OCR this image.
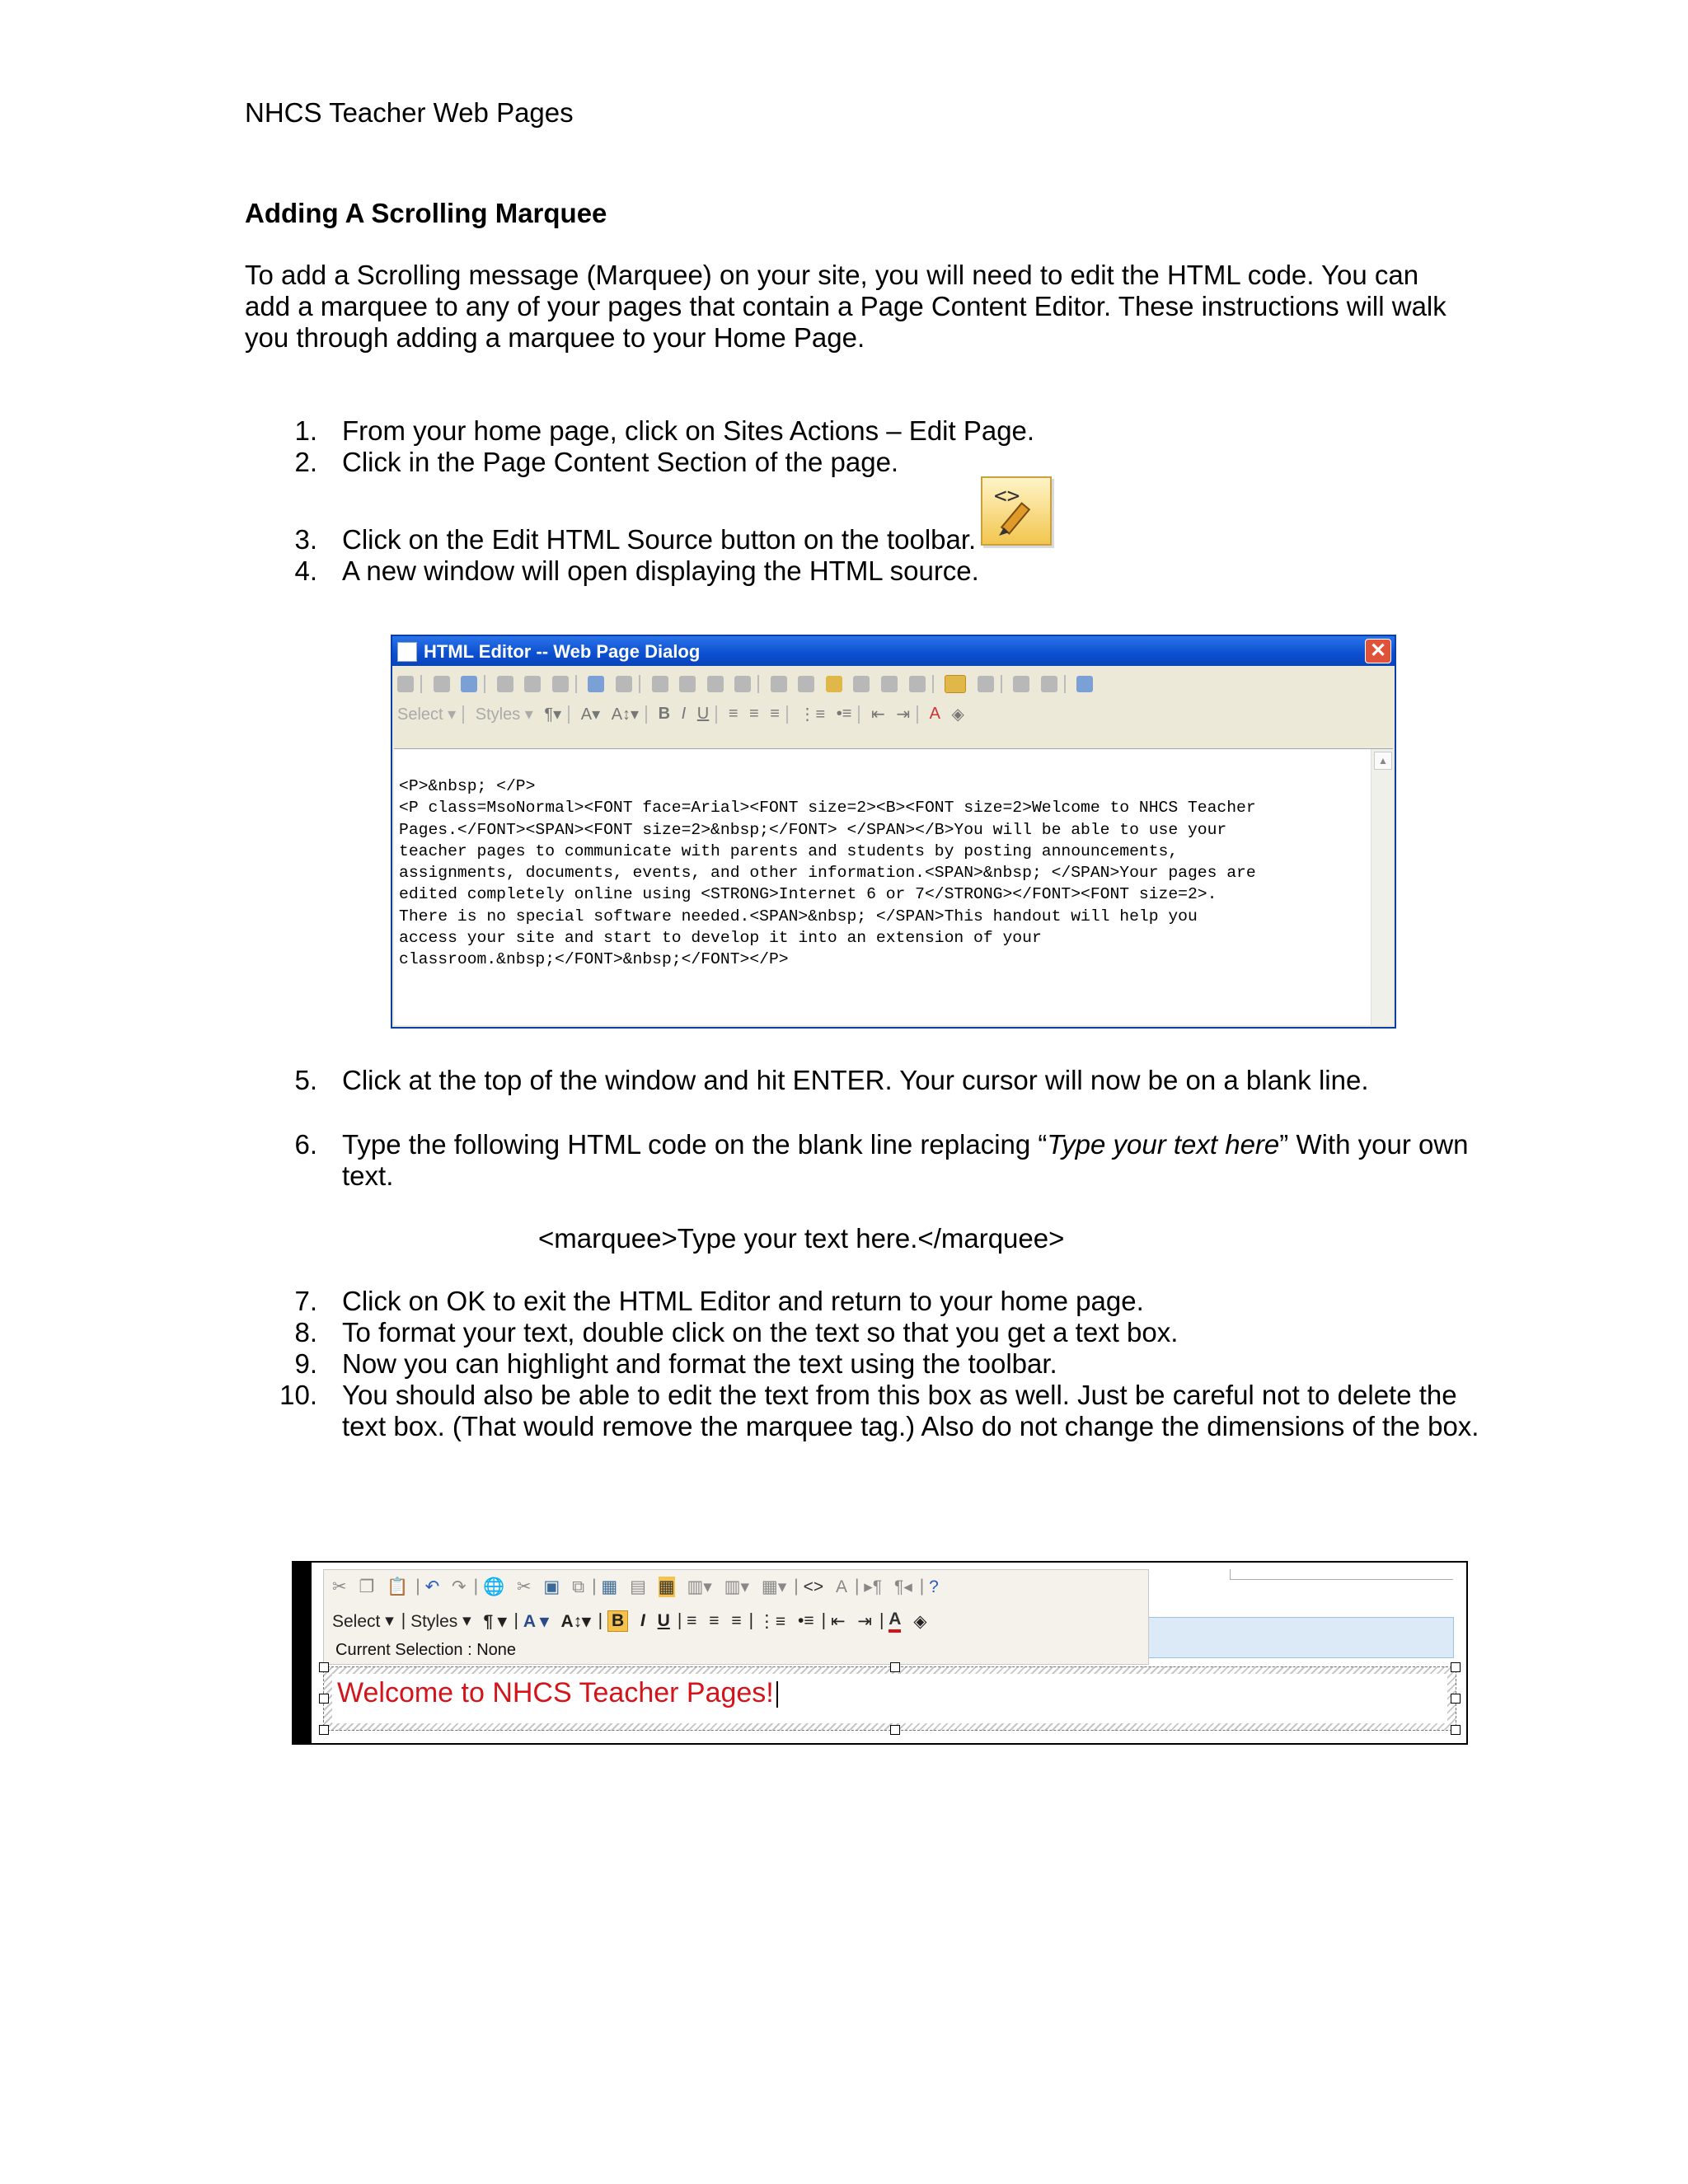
NHCS Teacher Web Pages
Adding A Scrolling Marquee
To add a Scrolling message (Marquee) on your site, you will need to edit the HTML code. You can add a marquee to any of your pages that contain a Page Content Editor. These instructions will walk you through adding a marquee to your Home Page.
1. From your home page, click on Sites Actions – Edit Page.
2. Click in the Page Content Section of the page.
3. Click on the Edit HTML Source button on the toolbar.
4. A new window will open displaying the HTML source.
<>
HTML Editor -- Web Page Dialog	✕

Select ▾ Styles ▾ ¶▾ A▾ A↕▾ B I U ≡ ≡ ≡ ⋮≡ •≡ ⇤ ⇥ A ◈
<P>&nbsp; </P>
<P class=MsoNormal><FONT face=Arial><FONT size=2><B><FONT size=2>Welcome to NHCS Teacher
Pages.</FONT><SPAN><FONT size=2>&nbsp;</FONT> </SPAN></B>You will be able to use your
teacher pages to communicate with parents and students by posting announcements,
assignments, documents, events, and other information.<SPAN>&nbsp; </SPAN>Your pages are
edited completely online using <STRONG>Internet 6 or 7</STRONG></FONT><FONT size=2>.
There is no special software needed.<SPAN>&nbsp; </SPAN>This handout will help you
access your site and start to develop it into an extension of your
classroom.&nbsp;</FONT>&nbsp;</FONT></P>
▲
5. Click at the top of the window and hit ENTER. Your cursor will now be on a blank line.
6. Type the following HTML code on the blank line replacing “Type your text here” With your own text.
<marquee>Type your text here.</marquee>
7. Click on OK to exit the HTML Editor and return to your home page.
8. To format your text, double click on the text so that you get a text box.
9. Now you can highlight and format the text using the toolbar.
10. You should also be able to edit the text from this box as well. Just be careful not to delete the text box. (That would remove the marquee tag.) Also do not change the dimensions of the box.
✂ ❐ 📋 | ↶ ↷ | 🌐 ✂ ▣ ⧉ | ▦ ▤ ▦ ▥▾ ▥▾ ▦▾ | <> A | ▸¶ ¶◂ | ?
Select ▾ | Styles ▾ ¶ ▾ | A ▾ A↕▾ | B I U | ≡ ≡ ≡ | ⋮≡ •≡ | ⇤ ⇥ | A ◈
Current Selection : None
Welcome to NHCS Teacher Pages!
